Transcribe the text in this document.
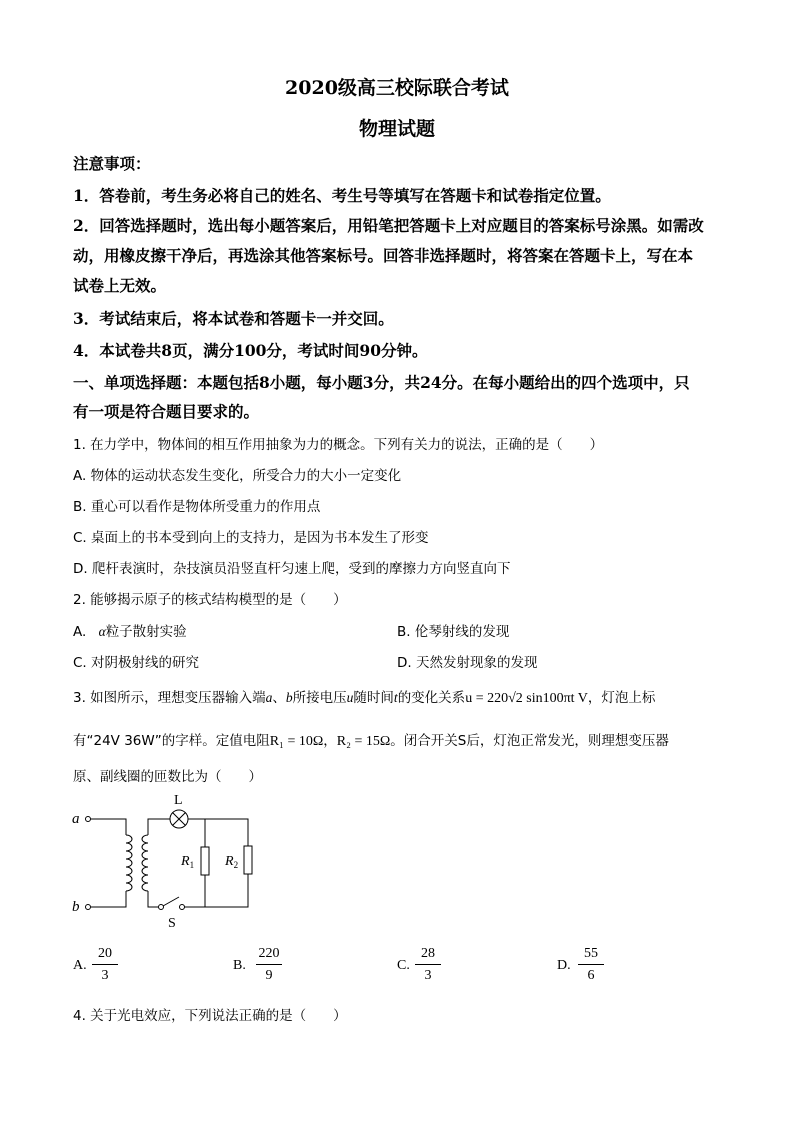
2020级高三校际联合考试
物理试题
注意事项：
1．答卷前，考生务必将自己的姓名、考生号等填写在答题卡和试卷指定位置。
2．回答选择题时，选出每小题答案后，用铅笔把答题卡上对应题目的答案标号涂黑。如需改
动，用橡皮擦干净后，再选涂其他答案标号。回答非选择题时，将答案在答题卡上，写在本
试卷上无效。
3．考试结束后，将本试卷和答题卡一并交回。
4．本试卷共8页，满分100分，考试时间90分钟。
一、单项选择题：本题包括8小题，每小题3分，共24分。在每小题给出的四个选项中，只
有一项是符合题目要求的。
1. 在力学中，物体间的相互作用抽象为力的概念。下列有关力的说法，正确的是（　　）
A. 物体的运动状态发生变化，所受合力的大小一定变化
B. 重心可以看作是物体所受重力的作用点
C. 桌面上的书本受到向上的支持力，是因为书本发生了形变
D. 爬杆表演时，杂技演员沿竖直杆匀速上爬，受到的摩擦力方向竖直向下
2. 能够揭示原子的核式结构模型的是（　　）
A. α粒子散射实验	B. 伦琴射线的发现
C. 对阴极射线的研究	D. 天然发射现象的发现
3. 如图所示，理想变压器输入端a、b所接电压u随时间t的变化关系u = 220√2 sin100πt V，灯泡上标
有“24V 36W”的字样。定值电阻R₁ = 10Ω，R₂ = 15Ω。闭合开关S后，灯泡正常发光，则理想变压器
原、副线圈的匝数比为（　　）
a
b
L
S
$R_1$ $R_2$
A.
20
3
B.
220
9
C.
28
3
D.
55
6
4. 关于光电效应，下列说法正确的是（　　）
